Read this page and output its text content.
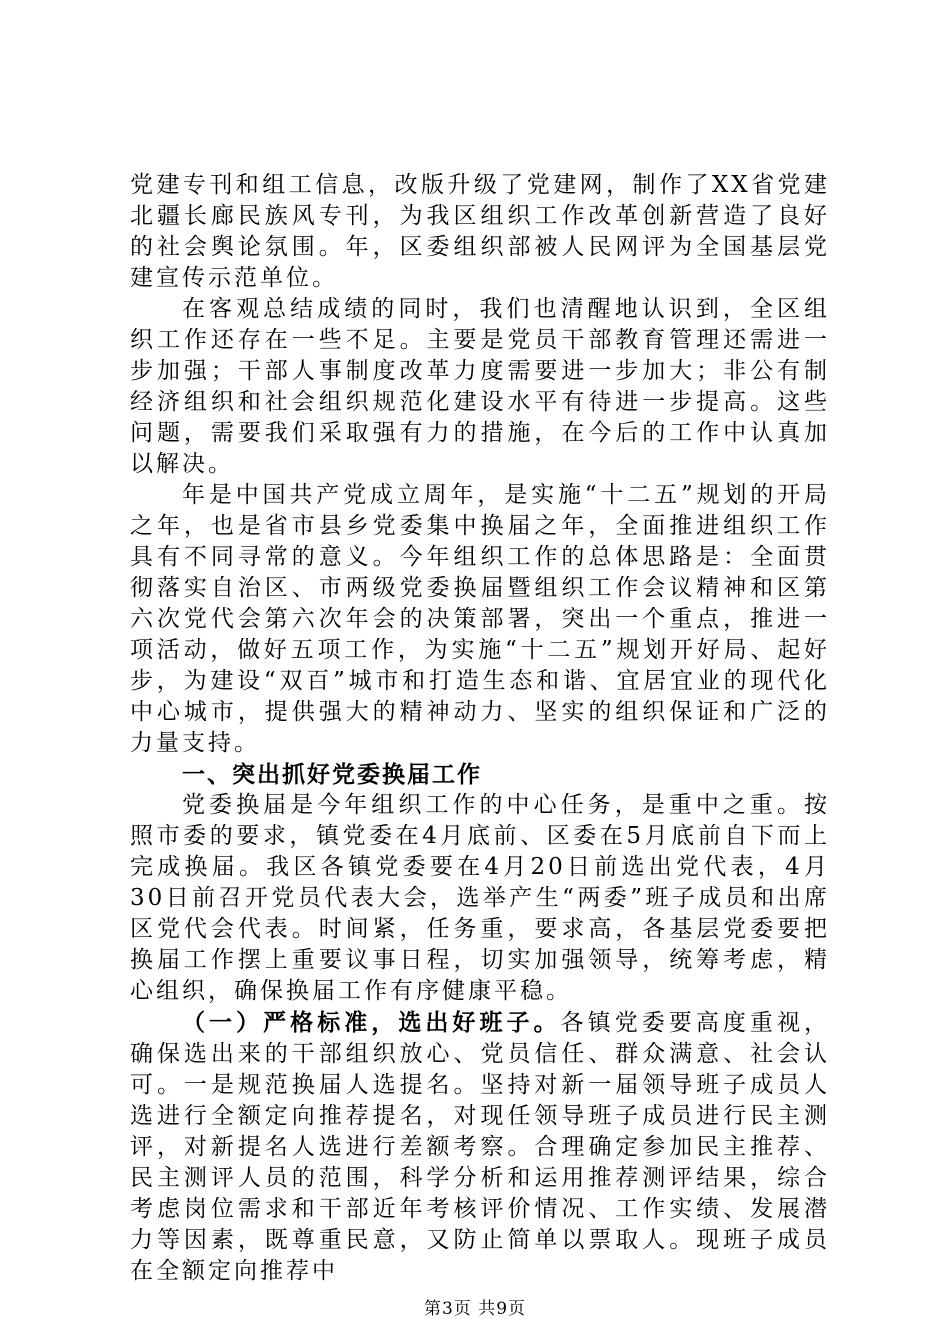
党建专刊和组工信息，改版升级了党建网，制作了XX省党建北疆长廊民族风专刊，为我区组织工作改革创新营造了良好的社会舆论氛围。年，区委组织部被人民网评为全国基层党建宣传示范单位。

在客观总结成绩的同时，我们也清醒地认识到，全区组织工作还存在一些不足。主要是党员干部教育管理还需进一步加强；干部人事制度改革力度需要进一步加大；非公有制经济组织和社会组织规范化建设水平有待进一步提高。这些问题，需要我们采取强有力的措施，在今后的工作中认真加以解决。

年是中国共产党成立周年，是实施“十二五”规划的开局之年，也是省市县乡党委集中换届之年，全面推进组织工作具有不同寻常的意义。今年组织工作的总体思路是：全面贯彻落实自治区、市两级党委换届暨组织工作会议精神和区第六次党代会第六次年会的决策部署，突出一个重点，推进一项活动，做好五项工作，为实施“十二五”规划开好局、起好步，为建设“双百”城市和打造生态和谐、宜居宜业的现代化中心城市，提供强大的精神动力、坚实的组织保证和广泛的力量支持。

一、突出抓好党委换届工作

党委换届是今年组织工作的中心任务，是重中之重。按照市委的要求，镇党委在4月底前、区委在5月底前自下而上完成换届。我区各镇党委要在4月20日前选出党代表，4月30日前召开党员代表大会，选举产生“两委”班子成员和出席区党代会代表。时间紧，任务重，要求高，各基层党委要把换届工作摆上重要议事日程，切实加强领导，统筹考虑，精心组织，确保换届工作有序健康平稳。

（一）严格标准，选出好班子。各镇党委要高度重视，确保选出来的干部组织放心、党员信任、群众满意、社会认可。一是规范换届人选提名。坚持对新一届领导班子成员人选进行全额定向推荐提名，对现任领导班子成员进行民主测评，对新提名人选进行差额考察。合理确定参加民主推荐、民主测评人员的范围，科学分析和运用推荐测评结果，综合考虑岗位需求和干部近年考核评价情况、工作实绩、发展潜力等因素，既尊重民意，又防止简单以票取人。现班子成员在全额定向推荐中

第3页 共9页
